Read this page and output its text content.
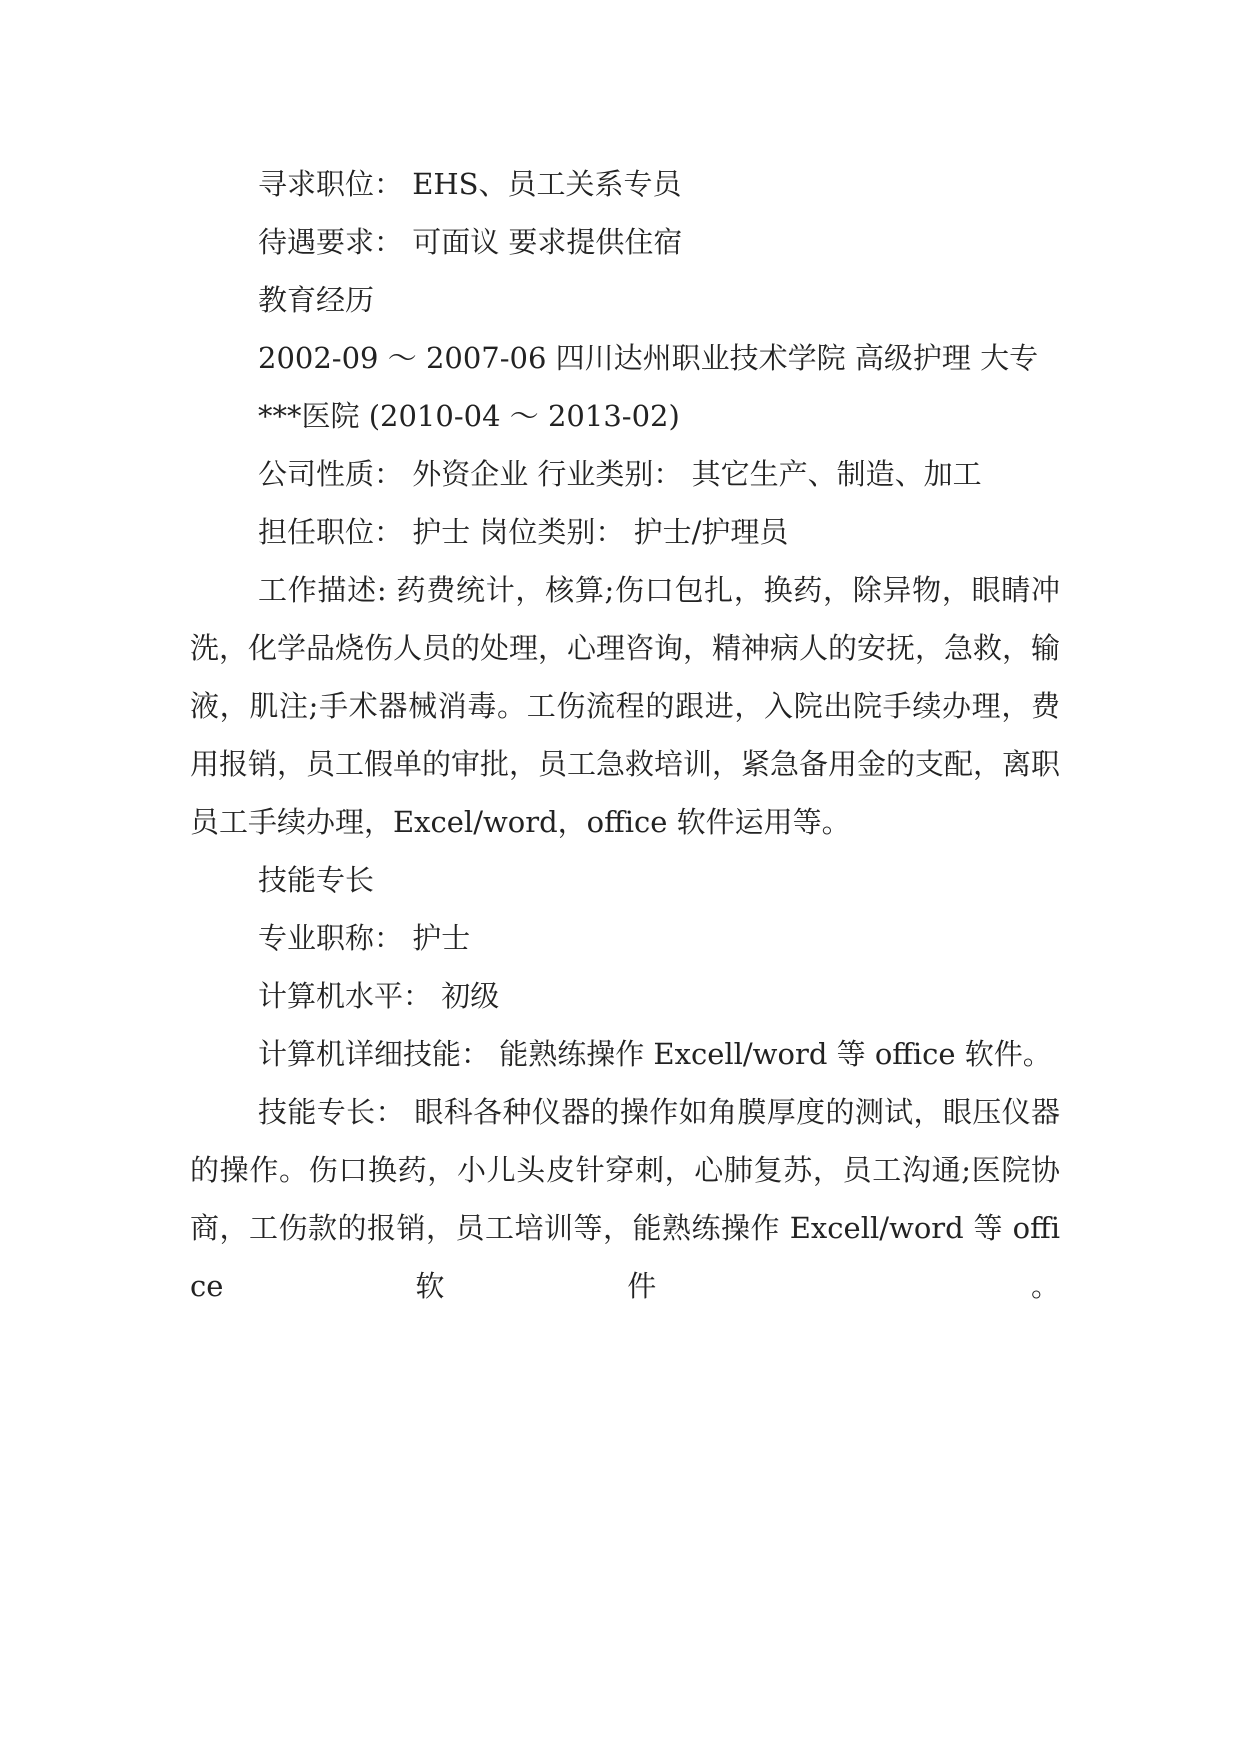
寻求职位： EHS、员工关系专员

待遇要求： 可面议 要求提供住宿

教育经历

2002-09 ～ 2007-06 四川达州职业技术学院 高级护理 大专

***医院 (2010-04 ～ 2013-02)

公司性质： 外资企业 行业类别： 其它生产、制造、加工

担任职位： 护士 岗位类别： 护士/护理员

工作描述: 药费统计，核算;伤口包扎，换药，除异物，眼睛冲洗，化学品烧伤人员的处理，心理咨询，精神病人的安抚，急救，输液，肌注;手术器械消毒。工伤流程的跟进，入院出院手续办理，费用报销，员工假单的审批，员工急救培训，紧急备用金的支配，离职员工手续办理，Excel/word，office 软件运用等。

技能专长

专业职称： 护士

计算机水平： 初级

计算机详细技能： 能熟练操作 Excell/word 等 office 软件。

技能专长： 眼科各种仪器的操作如角膜厚度的测试，眼压仪器的操作。伤口换药，小儿头皮针穿刺，心肺复苏，员工沟通;医院协商，工伤款的报销，员工培训等，能熟练操作 Excell/word 等 office 软件 。
